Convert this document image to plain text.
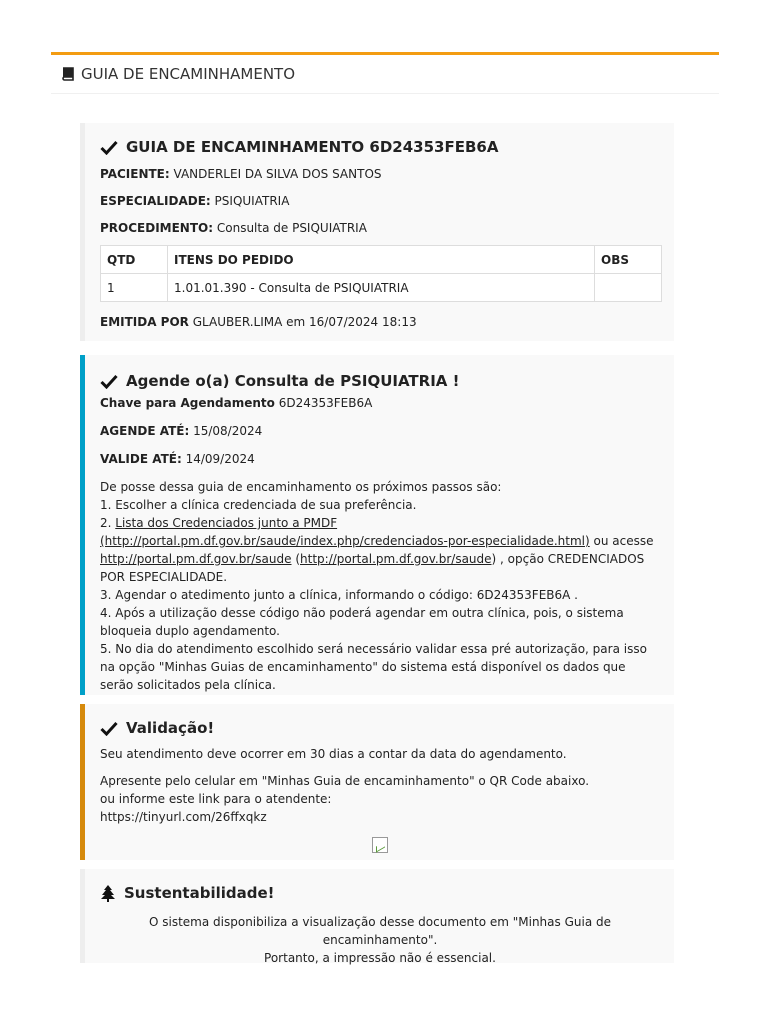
GUIA DE ENCAMINHAMENTO
GUIA DE ENCAMINHAMENTO 6D24353FEB6A

PACIENTE: VANDERLEI DA SILVA DOS SANTOS

ESPECIALIDADE: PSIQUIATRIA

PROCEDIMENTO: Consulta de PSIQUIATRIA

QTD	ITENS DO PEDIDO	OBS
1	1.01.01.390 - Consulta de PSIQUIATRIA	

EMITIDA POR GLAUBER.LIMA em 16/07/2024 18:13

Agende o(a) Consulta de PSIQUIATRIA !

Chave para Agendamento 6D24353FEB6A

AGENDE ATÉ: 15/08/2024

VALIDE ATÉ: 14/09/2024

De posse dessa guia de encaminhamento os próximos passos são:

1. Escolher a clínica credenciada de sua preferência.

2. Lista dos Credenciados junto a PMDF (http://portal.pm.df.gov.br/saude/index.php/credenciados-por-especialidade.html) ou acesse http://portal.pm.df.gov.br/saude (http://portal.pm.df.gov.br/saude) , opção CREDENCIADOS POR ESPECIALIDADE.

3. Agendar o atedimento junto a clínica, informando o código: 6D24353FEB6A .

4. Após a utilização desse código não poderá agendar em outra clínica, pois, o sistema bloqueia duplo agendamento.

5. No dia do atendimento escolhido será necessário validar essa pré autorização, para isso na opção "Minhas Guias de encaminhamento" do sistema está disponível os dados que serão solicitados pela clínica.

Validação!

Seu atendimento deve ocorrer em 30 dias a contar da data do agendamento.

Apresente pelo celular em "Minhas Guia de encaminhamento" o QR Code abaixo.

ou informe este link para o atendente:

https://tinyurl.com/26ffxqkz

Sustentabilidade!

O sistema disponibiliza a visualização desse documento em "Minhas Guia de encaminhamento".

Portanto, a impressão não é essencial.
